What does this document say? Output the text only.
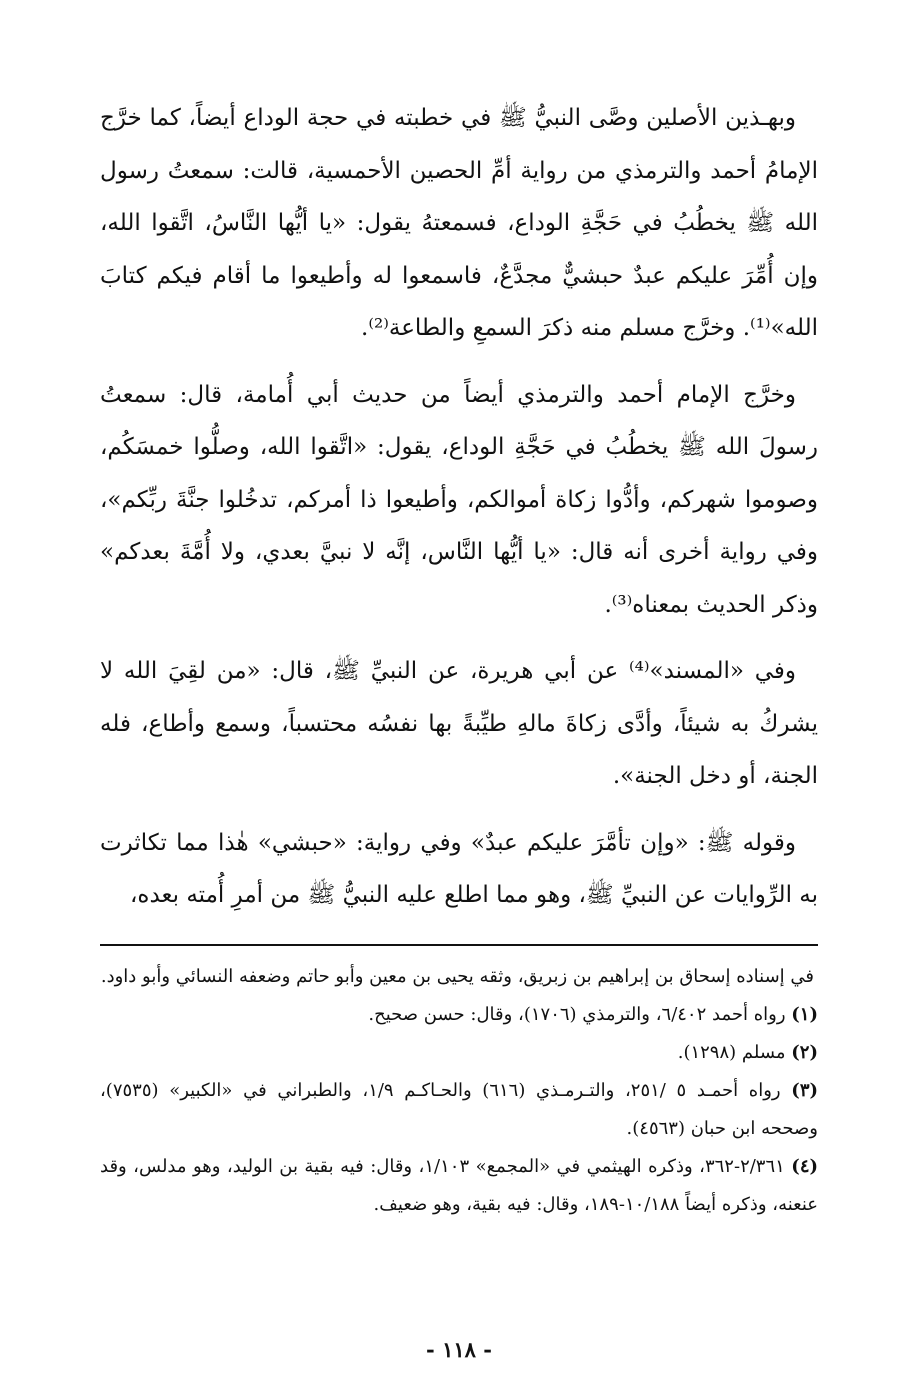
وبهـذين الأصلين وصَّى النبيُّ ﷺ في خطبته في حجة الوداع أيضاً، كما خرَّج الإمامُ أحمد والترمذي من رواية أمِّ الحصين الأحمسية، قالت: سمعتُ رسول الله ﷺ يخطُبُ في حَجَّةِ الوداع، فسمعتهُ يقول: «يا أيُّها النَّاسُ، اتَّقوا الله، وإن أُمِّرَ عليكم عبدٌ حبشيٌّ مجدَّعٌ، فاسمعوا له وأطيعوا ما أقام فيكم كتابَ الله»⁽¹⁾. وخرَّج مسلم منه ذكرَ السمعِ والطاعة⁽²⁾.

وخرَّج الإمام أحمد والترمذي أيضاً من حديث أبي أُمامة، قال: سمعتُ رسولَ الله ﷺ يخطُبُ في حَجَّةِ الوداع، يقول: «اتَّقوا الله، وصلُّوا خمسَكُم، وصوموا شهركم، وأدُّوا زكاة أموالكم، وأطيعوا ذا أمركم، تدخُلوا جنَّةَ ربِّكم»، وفي رواية أخرى أنه قال: «يا أيُّها النَّاس، إنَّه لا نبيَّ بعدي، ولا أُمَّةَ بعدكم» وذكر الحديث بمعناه⁽³⁾.

وفي «المسند»⁽⁴⁾ عن أبي هريرة، عن النبيِّ ﷺ، قال: «من لقِيَ الله لا يشركُ به شيئاً، وأدَّى زكاةَ مالهِ طيِّبةً بها نفسُه محتسباً، وسمع وأطاع، فله الجنة، أو دخل الجنة».

وقوله ﷺ: «وإن تأمَّرَ عليكم عبدٌ» وفي رواية: «حبشي» هٰذا مما تكاثرت به الرِّوايات عن النبيِّ ﷺ، وهو مما اطلع عليه النبيُّ ﷺ من أمرِ أُمته بعده،

في إسناده إسحاق بن إبراهيم بن زبريق، وثقه يحيى بن معين وأبو حاتم وضعفه النسائي وأبو داود.

(١) رواه أحمد ٦/٤٠٢، والترمذي (١٧٠٦)، وقال: حسن صحيح.

(٢) مسلم (١٢٩٨).

(٣) رواه أحمـد ٥ /٢٥١، والتـرمـذي (٦١٦) والحـاكـم ١/٩، والطبراني في «الكبير» (٧٥٣٥)، وصححه ابن حبان (٤٥٦٣).

(٤) ٢/٣٦١-٣٦٢، وذكره الهيثمي في «المجمع» ١/١٠٣، وقال: فيه بقية بن الوليد، وهو مدلس، وقد عنعنه، وذكره أيضاً ١٠/١٨٨-١٨٩، وقال: فيه بقية، وهو ضعيف.

- ١١٨ -
